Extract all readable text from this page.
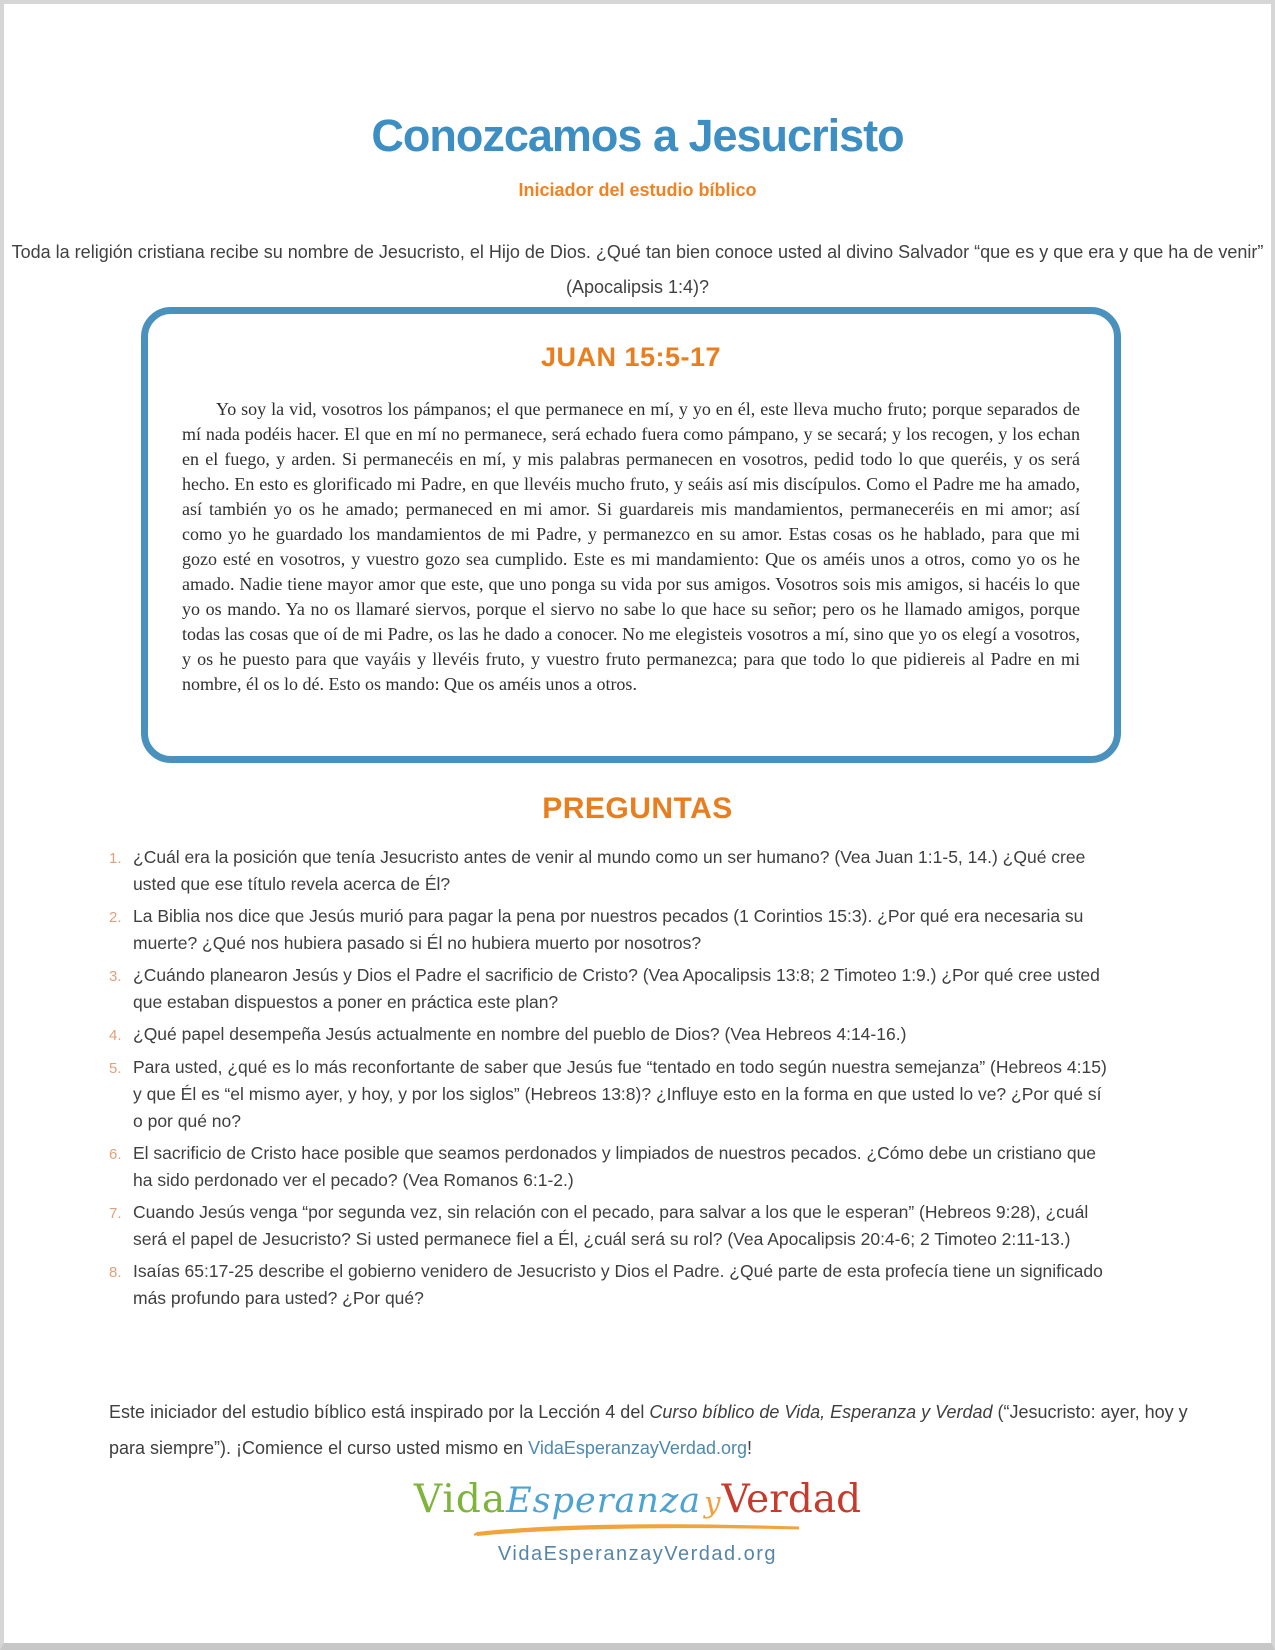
Conozcamos a Jesucristo
Iniciador del estudio bíblico

Toda la religión cristiana recibe su nombre de Jesucristo, el Hijo de Dios. ¿Qué tan bien conoce usted al divino Salvador “que es y que era y que ha de venir” (Apocalipsis 1:4)?

JUAN 15:5-17

Yo soy la vid, vosotros los pámpanos; el que permanece en mí, y yo en él, este lleva mucho fruto; porque separados de mí nada podéis hacer. El que en mí no permanece, será echado fuera como pámpano, y se secará; y los recogen, y los echan en el fuego, y arden. Si permanecéis en mí, y mis palabras permanecen en vosotros, pedid todo lo que queréis, y os será hecho. En esto es glorificado mi Padre, en que llevéis mucho fruto, y seáis así mis discípulos. Como el Padre me ha amado, así también yo os he amado; permaneced en mi amor. Si guardareis mis mandamientos, permaneceréis en mi amor; así como yo he guardado los mandamientos de mi Padre, y permanezco en su amor. Estas cosas os he hablado, para que mi gozo esté en vosotros, y vuestro gozo sea cumplido. Este es mi mandamiento: Que os améis unos a otros, como yo os he amado. Nadie tiene mayor amor que este, que uno ponga su vida por sus amigos. Vosotros sois mis amigos, si hacéis lo que yo os mando. Ya no os llamaré siervos, porque el siervo no sabe lo que hace su señor; pero os he llamado amigos, porque todas las cosas que oí de mi Padre, os las he dado a conocer. No me elegisteis vosotros a mí, sino que yo os elegí a vosotros, y os he puesto para que vayáis y llevéis fruto, y vuestro fruto permanezca; para que todo lo que pidiereis al Padre en mi nombre, él os lo dé. Esto os mando: Que os améis unos a otros.

PREGUNTAS
1. ¿Cuál era la posición que tenía Jesucristo antes de venir al mundo como un ser humano? (Vea Juan 1:1-5, 14.) ¿Qué cree usted que ese título revela acerca de Él?
2. La Biblia nos dice que Jesús murió para pagar la pena por nuestros pecados (1 Corintios 15:3). ¿Por qué era necesaria su muerte? ¿Qué nos hubiera pasado si Él no hubiera muerto por nosotros?
3. ¿Cuándo planearon Jesús y Dios el Padre el sacrificio de Cristo? (Vea Apocalipsis 13:8; 2 Timoteo 1:9.) ¿Por qué cree usted que estaban dispuestos a poner en práctica este plan?
4. ¿Qué papel desempeña Jesús actualmente en nombre del pueblo de Dios? (Vea Hebreos 4:14-16.)
5. Para usted, ¿qué es lo más reconfortante de saber que Jesús fue “tentado en todo según nuestra semejanza” (Hebreos 4:15) y que Él es “el mismo ayer, y hoy, y por los siglos” (Hebreos 13:8)? ¿Influye esto en la forma en que usted lo ve? ¿Por qué sí o por qué no?
6. El sacrificio de Cristo hace posible que seamos perdonados y limpiados de nuestros pecados. ¿Cómo debe un cristiano que ha sido perdonado ver el pecado? (Vea Romanos 6:1-2.)
7. Cuando Jesús venga “por segunda vez, sin relación con el pecado, para salvar a los que le esperan” (Hebreos 9:28), ¿cuál será el papel de Jesucristo? Si usted permanece fiel a Él, ¿cuál será su rol? (Vea Apocalipsis 20:4-6; 2 Timoteo 2:11-13.)
8. Isaías 65:17-25 describe el gobierno venidero de Jesucristo y Dios el Padre. ¿Qué parte de esta profecía tiene un significado más profundo para usted? ¿Por qué?

Este iniciador del estudio bíblico está inspirado por la Lección 4 del Curso bíblico de Vida, Esperanza y Verdad (“Jesucristo: ayer, hoy y para siempre”). ¡Comience el curso usted mismo en VidaEsperanzayVerdad.org!

VidaEsperanza yVerdad
VidaEsperanzayVerdad.org
